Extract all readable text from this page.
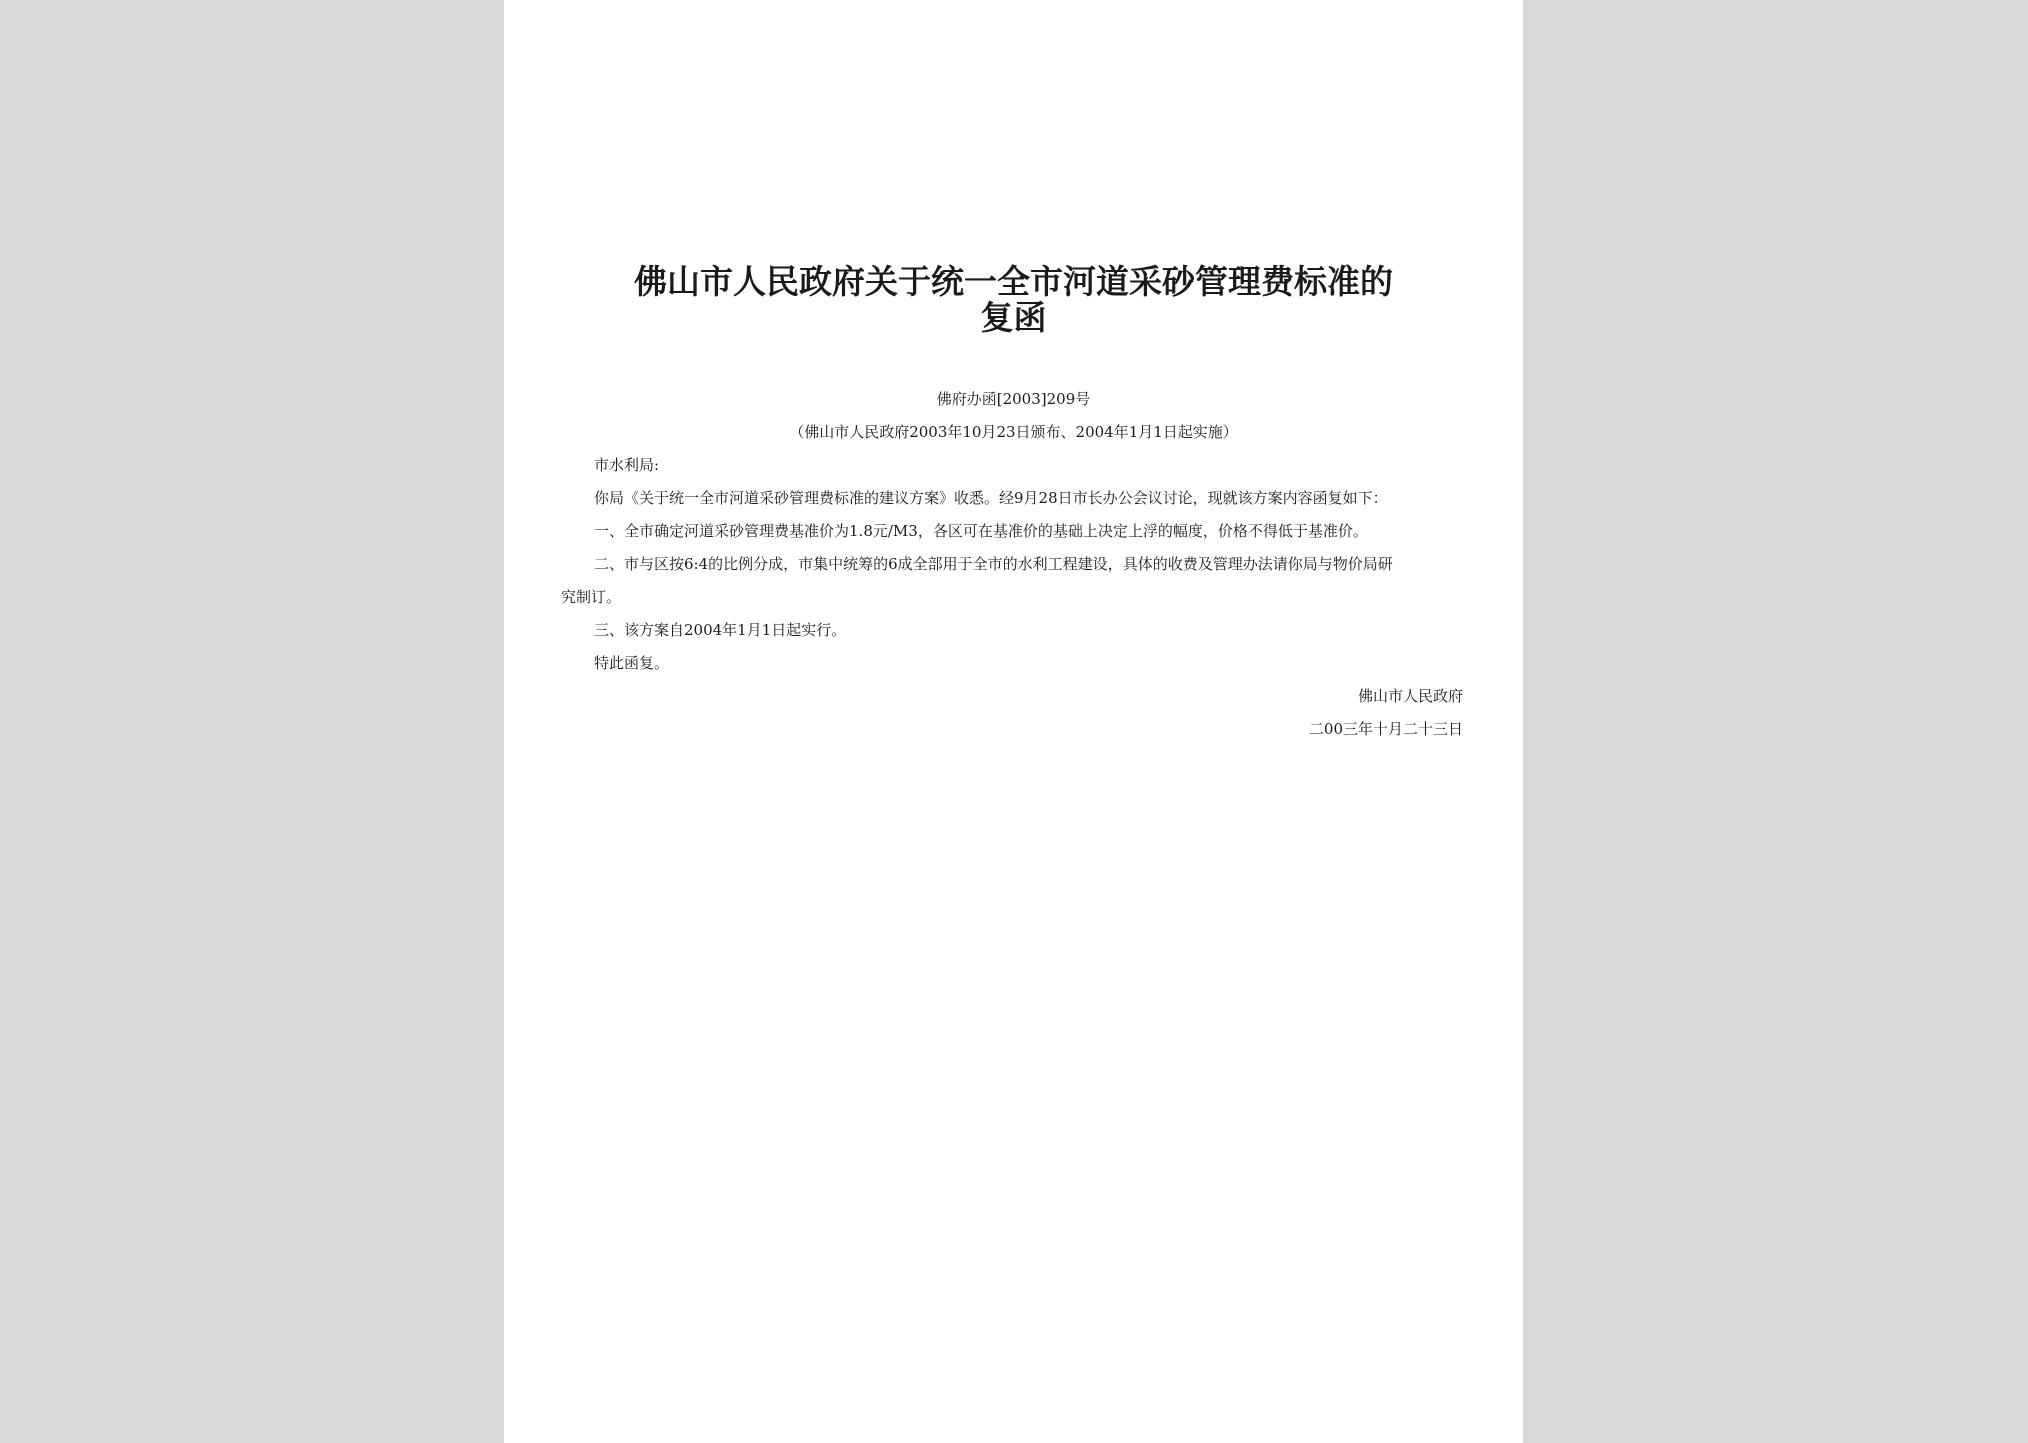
佛山市人民政府关于统一全市河道采砂管理费标准的
复函

佛府办函[2003]209号

（佛山市人民政府2003年10月23日颁布、2004年1月1日起实施）

市水利局:

你局《关于统一全市河道采砂管理费标准的建议方案》收悉。经9月28日市长办公会议讨论，现就该方案内容函复如下：

一、全市确定河道采砂管理费基准价为1.8元/M3，各区可在基准价的基础上决定上浮的幅度，价格不得低于基准价。

二、市与区按6:4的比例分成，市集中统筹的6成全部用于全市的水利工程建设，具体的收费及管理办法请你局与物价局研

究制订。

三、该方案自2004年1月1日起实行。

特此函复。

佛山市人民政府

二00三年十月二十三日
